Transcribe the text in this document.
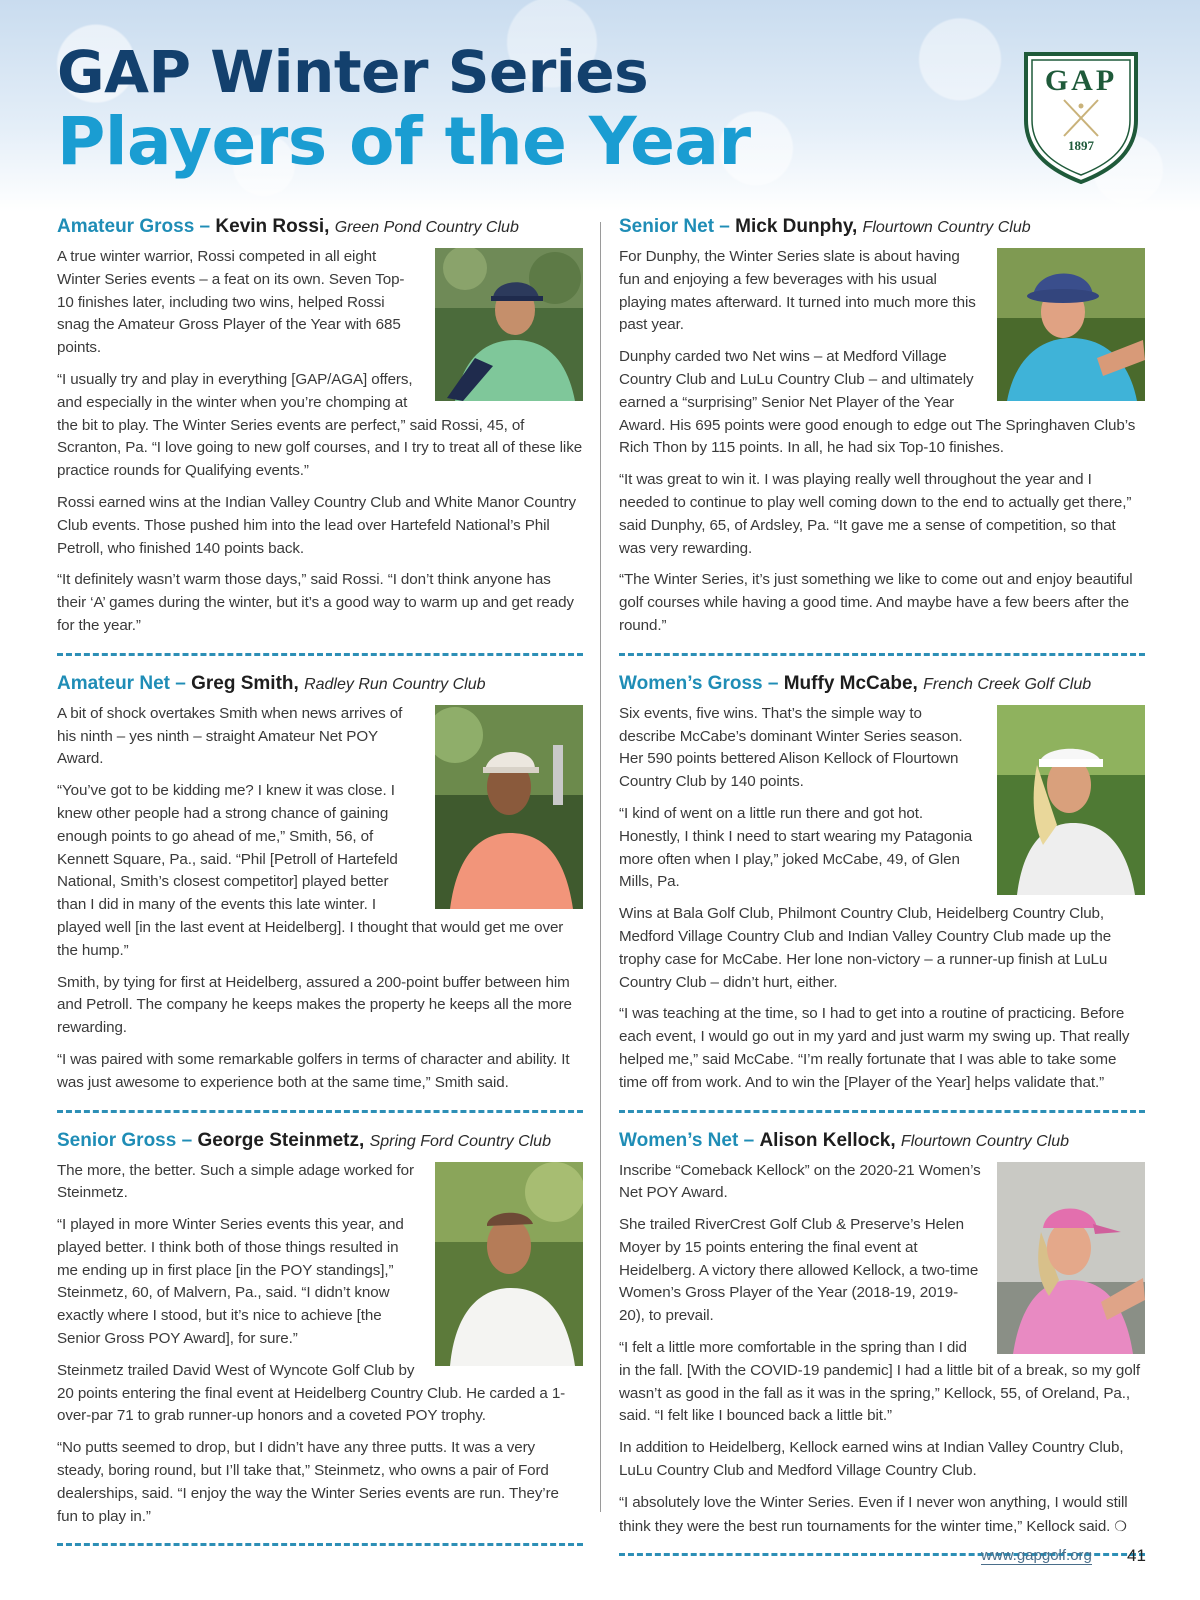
GAP Winter Series
Players of the Year
GAP
1897
Amateur Gross – Kevin Rossi, Green Pond Country Club

A true winter warrior, Rossi competed in all eight Winter Series events – a feat on its own. Seven Top-10 finishes later, including two wins, helped Rossi snag the Amateur Gross Player of the Year with 685 points.

“I usually try and play in everything [GAP/AGA] offers, and especially in the winter when you’re chomping at the bit to play. The Winter Series events are perfect,” said Rossi, 45, of Scranton, Pa. “I love going to new golf courses, and I try to treat all of these like practice rounds for Qualifying events.”

Rossi earned wins at the Indian Valley Country Club and White Manor Country Club events. Those pushed him into the lead over Hartefeld National’s Phil Petroll, who finished 140 points back.

“It definitely wasn’t warm those days,” said Rossi. “I don’t think anyone has their ‘A’ games during the winter, but it’s a good way to warm up and get ready for the year.”

Amateur Net – Greg Smith, Radley Run Country Club

A bit of shock overtakes Smith when news arrives of his ninth – yes ninth – straight Amateur Net POY Award.

“You’ve got to be kidding me? I knew it was close. I knew other people had a strong chance of gaining enough points to go ahead of me,” Smith, 56, of Kennett Square, Pa., said. “Phil [Petroll of Hartefeld National, Smith’s closest competitor] played better than I did in many of the events this late winter. I played well [in the last event at Heidelberg]. I thought that would get me over the hump.”

Smith, by tying for first at Heidelberg, assured a 200-point buffer between him and Petroll. The company he keeps makes the property he keeps all the more rewarding.

“I was paired with some remarkable golfers in terms of character and ability. It was just awesome to experience both at the same time,” Smith said.

Senior Gross – George Steinmetz, Spring Ford Country Club

The more, the better. Such a simple adage worked for Steinmetz.

“I played in more Winter Series events this year, and played better. I think both of those things resulted in me ending up in first place [in the POY standings],” Steinmetz, 60, of Malvern, Pa., said. “I didn’t know exactly where I stood, but it’s nice to achieve [the Senior Gross POY Award], for sure.”

Steinmetz trailed David West of Wyncote Golf Club by 20 points entering the final event at Heidelberg Country Club. He carded a 1-over-par 71 to grab runner-up honors and a coveted POY trophy.

“No putts seemed to drop, but I didn’t have any three putts. It was a very steady, boring round, but I’ll take that,” Steinmetz, who owns a pair of Ford dealerships, said. “I enjoy the way the Winter Series events are run. They’re fun to play in.”

Senior Net – Mick Dunphy, Flourtown Country Club

For Dunphy, the Winter Series slate is about having fun and enjoying a few beverages with his usual playing mates afterward. It turned into much more this past year.

Dunphy carded two Net wins – at Medford Village Country Club and LuLu Country Club – and ultimately earned a “surprising” Senior Net Player of the Year Award. His 695 points were good enough to edge out The Springhaven Club’s Rich Thon by 115 points. In all, he had six Top-10 finishes.

“It was great to win it. I was playing really well throughout the year and I needed to continue to play well coming down to the end to actually get there,” said Dunphy, 65, of Ardsley, Pa. “It gave me a sense of competition, so that was very rewarding.

“The Winter Series, it’s just something we like to come out and enjoy beautiful golf courses while having a good time. And maybe have a few beers after the round.”

Women’s Gross – Muffy McCabe, French Creek Golf Club

Six events, five wins. That’s the simple way to describe McCabe’s dominant Winter Series season. Her 590 points bettered Alison Kellock of Flourtown Country Club by 140 points.

“I kind of went on a little run there and got hot. Honestly, I think I need to start wearing my Patagonia more often when I play,” joked McCabe, 49, of Glen Mills, Pa.

Wins at Bala Golf Club, Philmont Country Club, Heidelberg Country Club, Medford Village Country Club and Indian Valley Country Club made up the trophy case for McCabe. Her lone non-victory – a runner-up finish at LuLu Country Club – didn’t hurt, either.

“I was teaching at the time, so I had to get into a routine of practicing. Before each event, I would go out in my yard and just warm my swing up. That really helped me,” said McCabe. “I’m really fortunate that I was able to take some time off from work. And to win the [Player of the Year] helps validate that.”

Women’s Net – Alison Kellock, Flourtown Country Club

Inscribe “Comeback Kellock” on the 2020-21 Women’s Net POY Award.

She trailed RiverCrest Golf Club & Preserve’s Helen Moyer by 15 points entering the final event at Heidelberg. A victory there allowed Kellock, a two-time Women’s Gross Player of the Year (2018-19, 2019-20), to prevail.

“I felt a little more comfortable in the spring than I did in the fall. [With the COVID-19 pandemic] I had a little bit of a break, so my golf wasn’t as good in the fall as it was in the spring,” Kellock, 55, of Oreland, Pa., said. “I felt like I bounced back a little bit.”

In addition to Heidelberg, Kellock earned wins at Indian Valley Country Club, LuLu Country Club and Medford Village Country Club.

“I absolutely love the Winter Series. Even if I never won anything, I would still think they were the best run tournaments for the winter time,” Kellock said. ❍

www.gapgolf.org 41
